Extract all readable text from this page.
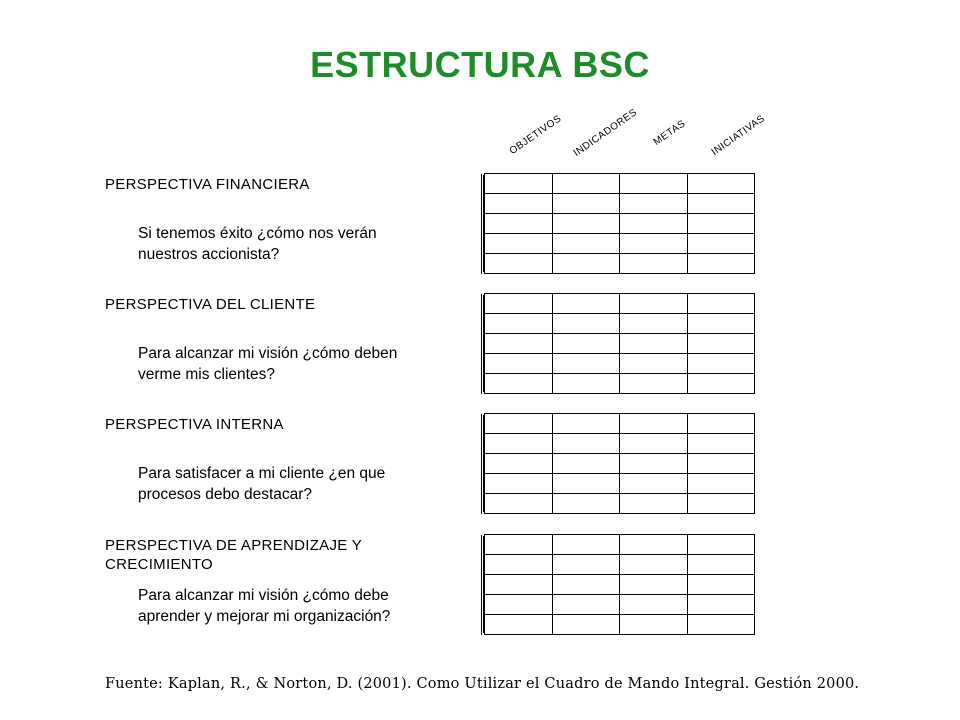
ESTRUCTURA BSC
OBJETIVOS INDICADORES METAS INICIATIVAS
PERSPECTIVA FINANCIERA
Si tenemos éxito ¿cómo nos verán nuestros accionista?
PERSPECTIVA DEL CLIENTE
Para alcanzar mi visión ¿cómo deben verme mis clientes?
PERSPECTIVA INTERNA
Para satisfacer a mi cliente ¿en que procesos debo destacar?
PERSPECTIVA DE APRENDIZAJE Y CRECIMIENTO
Para alcanzar mi visión ¿cómo debe aprender y mejorar mi organización?
Fuente: Kaplan, R., & Norton, D. (2001). Como Utilizar el Cuadro de Mando Integral. Gestión 2000.
